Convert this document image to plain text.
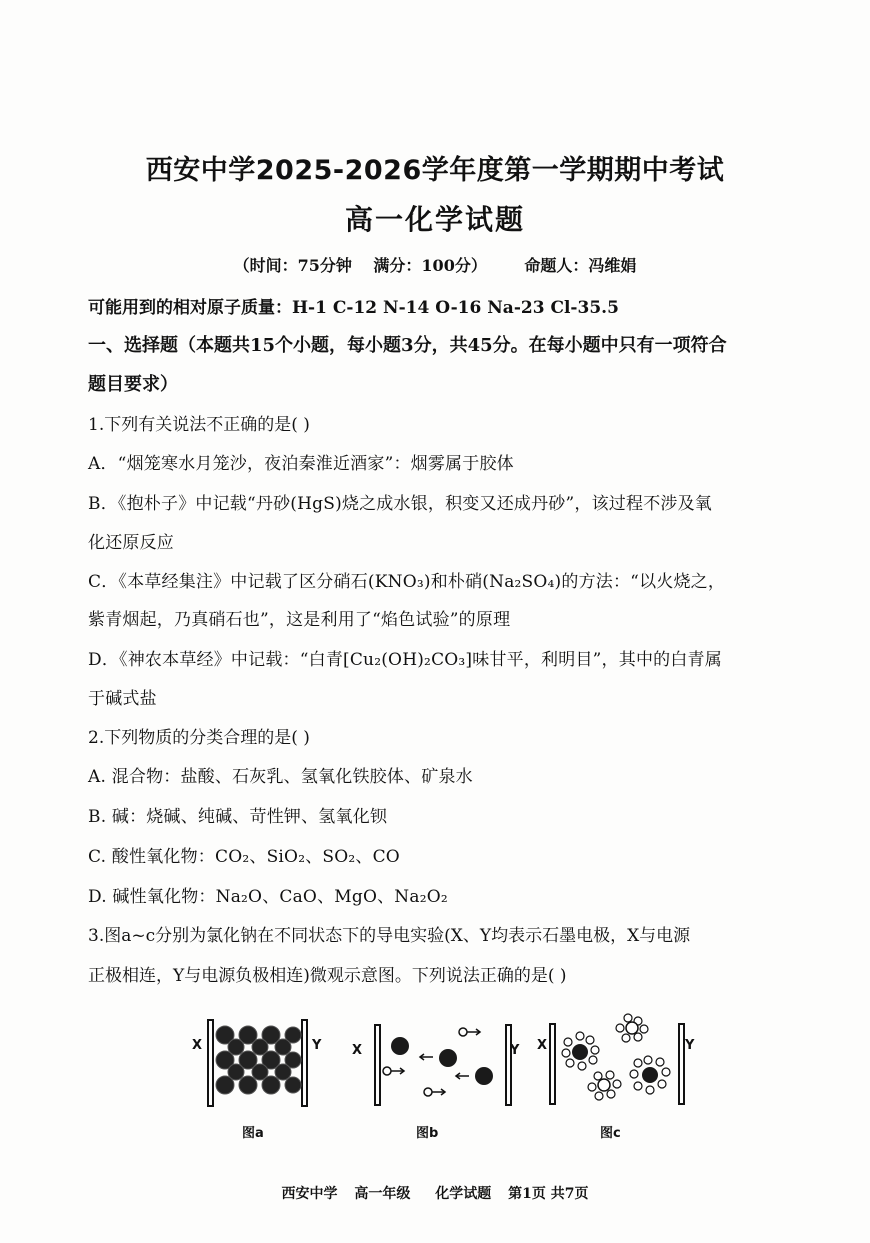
西安中学2025-2026学年度第一学期期中考试
高一化学试题
（时间：75分钟 满分：100分） 命题人：冯维娟
可能用到的相对原子质量：H-1 C-12 N-14 O-16 Na-23 Cl-35.5
一、选择题（本题共15个小题，每小题3分，共45分。在每小题中只有一项符合
题目要求）
1.下列有关说法不正确的是( )
A．“烟笼寒水月笼沙，夜泊秦淮近酒家”：烟雾属于胶体
B．《抱朴子》中记载“丹砂(HgS)烧之成水银，积变又还成丹砂”，该过程不涉及氧
化还原反应
C．《本草经集注》中记载了区分硝石(KNO₃)和朴硝(Na₂SO₄)的方法：“以火烧之，
紫青烟起，乃真硝石也”，这是利用了“焰色试验”的原理
D．《神农本草经》中记载：“白青[Cu₂(OH)₂CO₃]味甘平，利明目”，其中的白青属
于碱式盐
2.下列物质的分类合理的是( )
A. 混合物：盐酸、石灰乳、氢氧化铁胶体、矿泉水
B. 碱：烧碱、纯碱、苛性钾、氢氧化钡
C. 酸性氧化物：CO₂、SiO₂、SO₂、CO
D. 碱性氧化物：Na₂O、CaO、MgO、Na₂O₂
3.图a~c分别为氯化钠在不同状态下的导电实验(X、Y均表示石墨电极，X与电源
正极相连，Y与电源负极相连)微观示意图。下列说法正确的是( )
X	Y X	Y X	Y
图a	图b	图c
西安中学 高一年级 化学试题 第1页 共7页
